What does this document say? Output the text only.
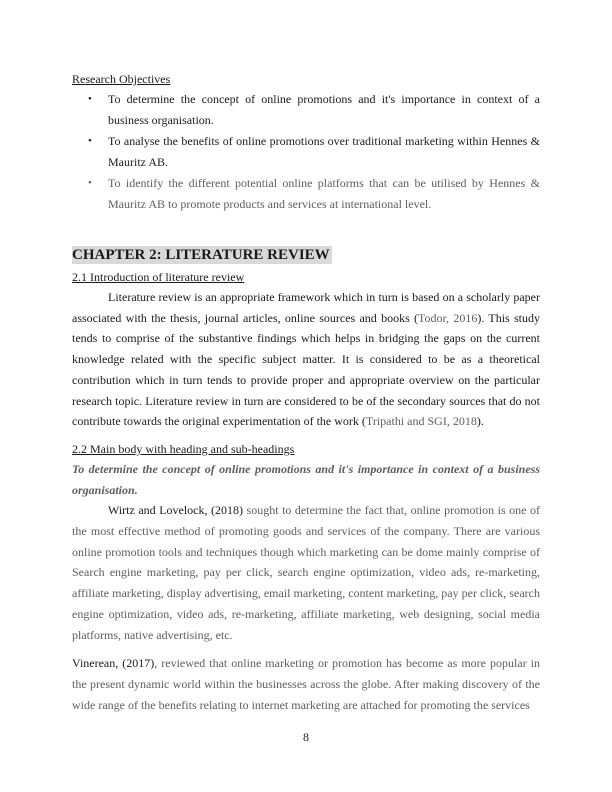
Research Objectives

• To determine the concept of online promotions and it's importance in context of a business organisation.
• To analyse the benefits of online promotions over traditional marketing within Hennes & Mauritz AB.
• To identify the different potential online platforms that can be utilised by Hennes & Mauritz AB to promote products and services at international level.
CHAPTER 2: LITERATURE REVIEW
2.1 Introduction of literature review

Literature review is an appropriate framework which in turn is based on a scholarly paper associated with the thesis, journal articles, online sources and books (Todor, 2016). This study tends to comprise of the substantive findings which helps in bridging the gaps on the current knowledge related with the specific subject matter. It is considered to be as a theoretical contribution which in turn tends to provide proper and appropriate overview on the particular research topic. Literature review in turn are considered to be of the secondary sources that do not contribute towards the original experimentation of the work (Tripathi and SGI, 2018).

2.2 Main body with heading and sub-headings
To determine the concept of online promotions and it's importance in context of a business organisation.

Wirtz and Lovelock, (2018) sought to determine the fact that, online promotion is one of the most effective method of promoting goods and services of the company. There are various online promotion tools and techniques though which marketing can be dome mainly comprise of Search engine marketing, pay per click, search engine optimization, video ads, re-marketing, affiliate marketing, display advertising, email marketing, content marketing, pay per click, search engine optimization, video ads, re-marketing, affiliate marketing, web designing, social media platforms, native advertising, etc.

Vinerean, (2017), reviewed that online marketing or promotion has become as more popular in the present dynamic world within the businesses across the globe. After making discovery of the wide range of the benefits relating to internet marketing are attached for promoting the services

8
